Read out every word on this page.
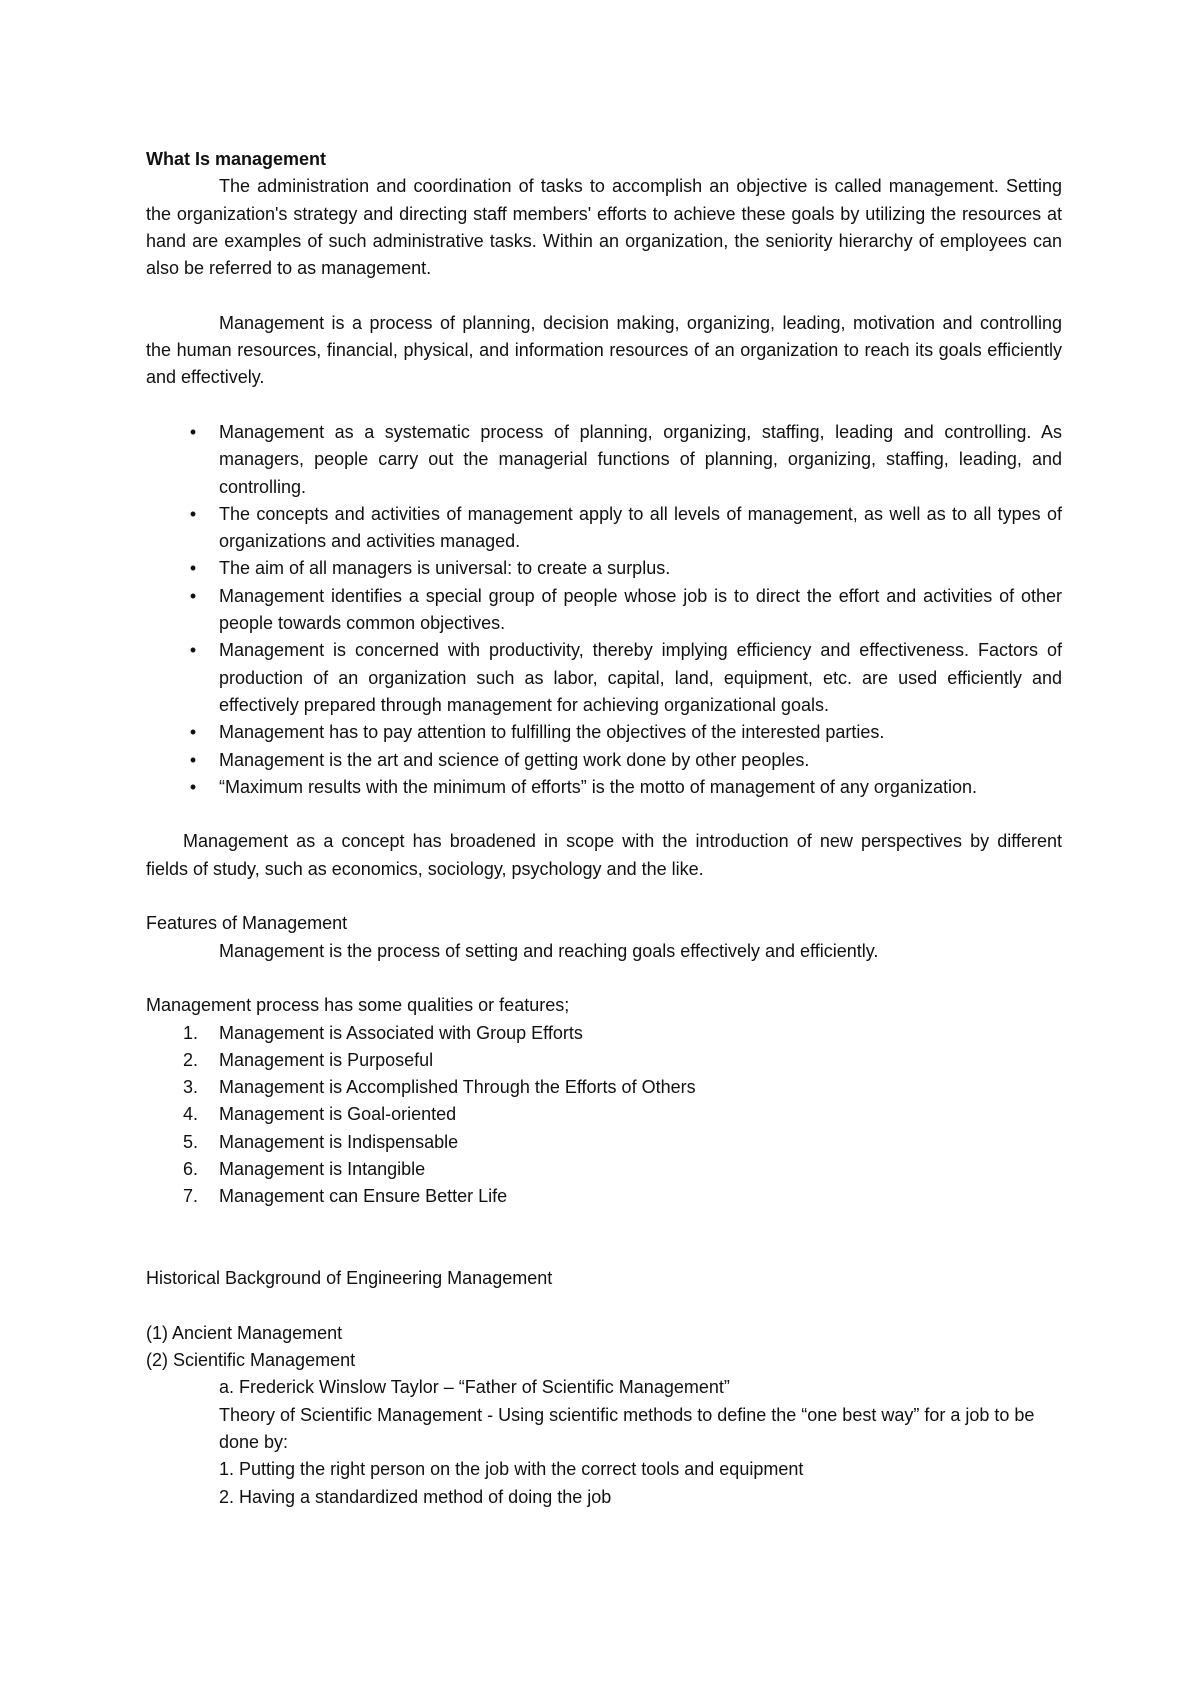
What Is management

The administration and coordination of tasks to accomplish an objective is called management. Setting the organization's strategy and directing staff members' efforts to achieve these goals by utilizing the resources at hand are examples of such administrative tasks. Within an organization, the seniority hierarchy of employees can also be referred to as management.

Management is a process of planning, decision making, organizing, leading, motivation and controlling the human resources, financial, physical, and information resources of an organization to reach its goals efficiently and effectively.

•	Management as a systematic process of planning, organizing, staffing, leading and controlling. As managers, people carry out the managerial functions of planning, organizing, staffing, leading, and controlling.
•	The concepts and activities of management apply to all levels of management, as well as to all types of organizations and activities managed.
•	The aim of all managers is universal: to create a surplus.
•	Management identifies a special group of people whose job is to direct the effort and activities of other people towards common objectives.
•	Management is concerned with productivity, thereby implying efficiency and effectiveness. Factors of production of an organization such as labor, capital, land, equipment, etc. are used efficiently and effectively prepared through management for achieving organizational goals.
•	Management has to pay attention to fulfilling the objectives of the interested parties.
•	Management is the art and science of getting work done by other peoples.
•	“Maximum results with the minimum of efforts” is the motto of management of any organization.

Management as a concept has broadened in scope with the introduction of new perspectives by different fields of study, such as economics, sociology, psychology and the like.

Features of Management

Management is the process of setting and reaching goals effectively and efficiently.

Management process has some qualities or features;

1. Management is Associated with Group Efforts
2. Management is Purposeful
3. Management is Accomplished Through the Efforts of Others
4. Management is Goal-oriented
5. Management is Indispensable
6. Management is Intangible
7. Management can Ensure Better Life

Historical Background of Engineering Management

(1) Ancient Management

(2) Scientific Management

a. Frederick Winslow Taylor – “Father of Scientific Management”

Theory of Scientific Management - Using scientific methods to define the “one best way” for a job to be done by:

1. Putting the right person on the job with the correct tools and equipment

2. Having a standardized method of doing the job
